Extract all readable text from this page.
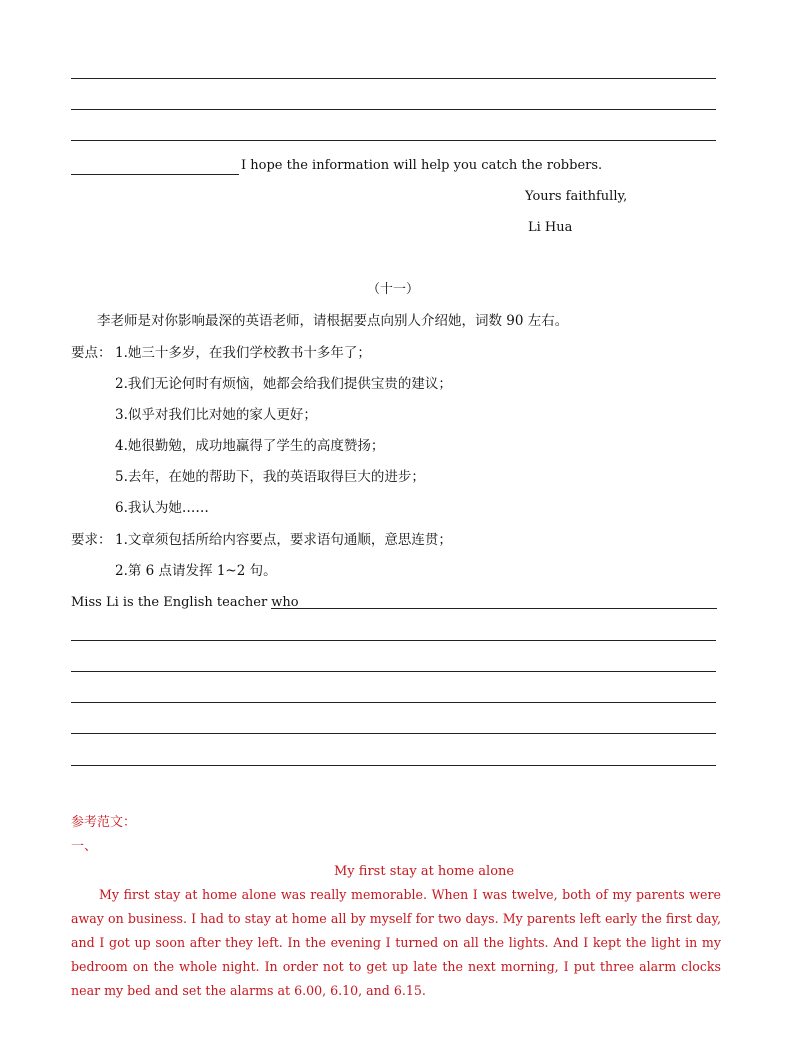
I hope the information will help you catch the robbers.
Yours faithfully,
Li Hua
（十一）
李老师是对你影响最深的英语老师，请根据要点向别人介绍她，词数 90 左右。
要点： 1.她三十多岁，在我们学校教书十多年了；
2.我们无论何时有烦恼，她都会给我们提供宝贵的建议；
3.似乎对我们比对她的家人更好；
4.她很勤勉，成功地赢得了学生的高度赞扬；
5.去年，在她的帮助下，我的英语取得巨大的进步；
6.我认为她……
要求： 1.文章须包括所给内容要点，要求语句通顺，意思连贯；
2.第 6 点请发挥 1~2 句。
Miss Li is the English teacher who
参考范文：
一、
My first stay at home alone
My first stay at home alone was really memorable. When I was twelve, both of my parents were away on business. I had to stay at home all by myself for two days. My parents left early the first day, and I got up soon after they left. In the evening I turned on all the lights. And I kept the light in my bedroom on the whole night. In order not to get up late the next morning, I put three alarm clocks near my bed and set the alarms at 6.00, 6.10, and 6.15.
